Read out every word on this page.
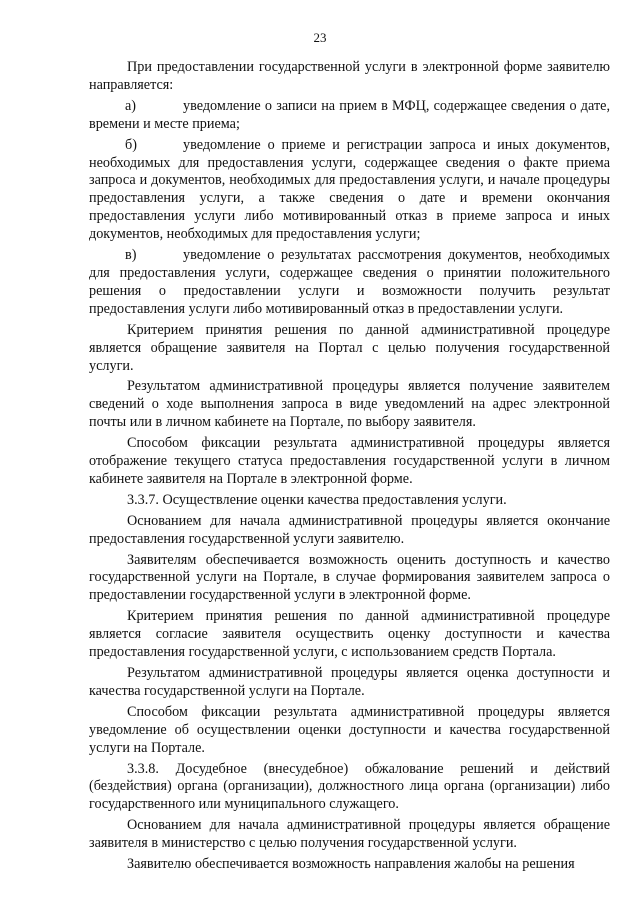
23

При предоставлении государственной услуги в электронной форме заявителю направляется:

а)	уведомление о записи на прием в МФЦ, содержащее сведения о дате, времени и месте приема;

б)	уведомление о приеме и регистрации запроса и иных документов, необходимых для предоставления услуги, содержащее сведения о факте приема запроса и документов, необходимых для предоставления услуги, и начале процедуры предоставления услуги, а также сведения о дате и времени окончания предоставления услуги либо мотивированный отказ в приеме запроса и иных документов, необходимых для предоставления услуги;

в)	уведомление о результатах рассмотрения документов, необходимых для предоставления услуги, содержащее сведения о принятии положительного решения о предоставлении услуги и возможности получить результат предоставления услуги либо мотивированный отказ в предоставлении услуги.

Критерием принятия решения по данной административной процедуре является обращение заявителя на Портал с целью получения государственной услуги.

Результатом административной процедуры является получение заявителем сведений о ходе выполнения запроса в виде уведомлений на адрес электронной почты или в личном кабинете на Портале, по выбору заявителя.

Способом фиксации результата административной процедуры является отображение текущего статуса предоставления государственной услуги в личном кабинете заявителя на Портале в электронной форме.

3.3.7. Осуществление оценки качества предоставления услуги.

Основанием для начала административной процедуры является окончание предоставления государственной услуги заявителю.

Заявителям обеспечивается возможность оценить доступность и качество государственной услуги на Портале, в случае формирования заявителем запроса о предоставлении государственной услуги в электронной форме.

Критерием принятия решения по данной административной процедуре является согласие заявителя осуществить оценку доступности и качества предоставления государственной услуги, с использованием средств Портала.

Результатом административной процедуры является оценка доступности и качества государственной услуги на Портале.

Способом фиксации результата административной процедуры является уведомление об осуществлении оценки доступности и качества государственной услуги на Портале.

3.3.8. Досудебное (внесудебное) обжалование решений и действий (бездействия) органа (организации), должностного лица органа (организации) либо государственного или муниципального служащего.

Основанием для начала административной процедуры является обращение заявителя в министерство с целью получения государственной услуги.

Заявителю обеспечивается возможность направления жалобы на решения
